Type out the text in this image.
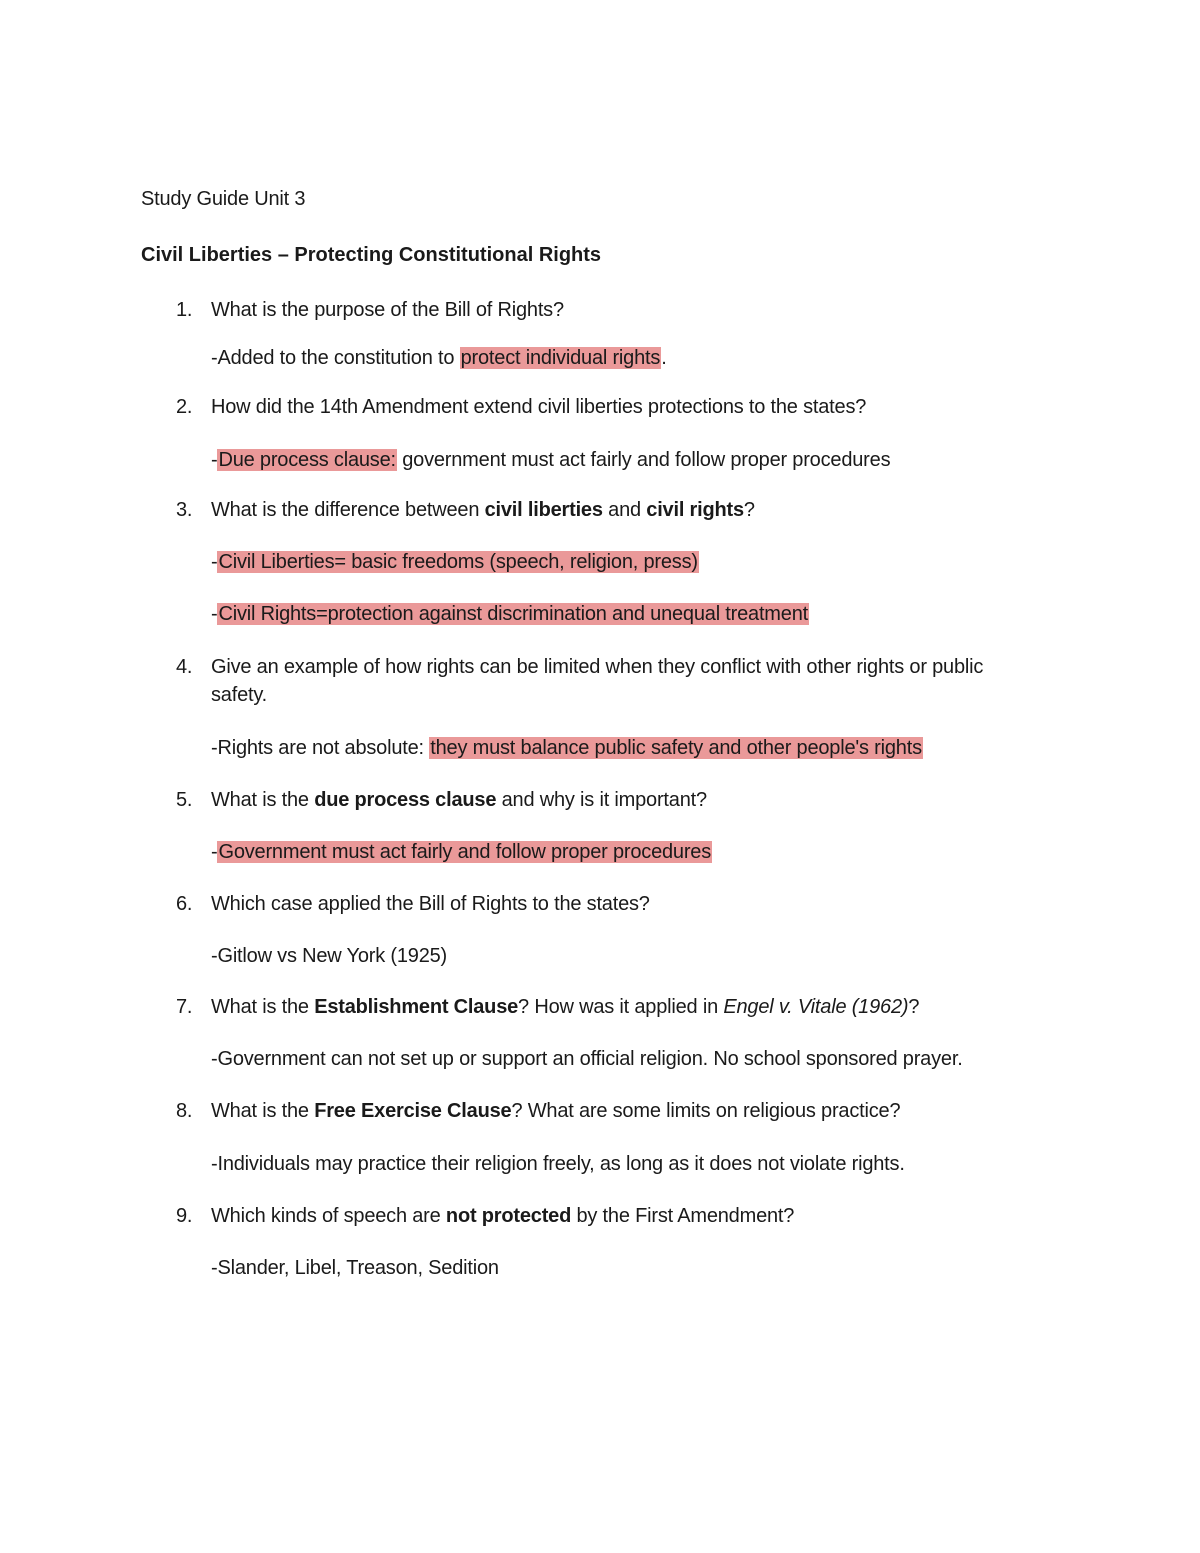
Study Guide Unit 3
Civil Liberties – Protecting Constitutional Rights
1. What is the purpose of the Bill of Rights?
-Added to the constitution to protect individual rights.
2. How did the 14th Amendment extend civil liberties protections to the states?
-Due process clause: government must act fairly and follow proper procedures
3. What is the difference between civil liberties and civil rights?
-Civil Liberties= basic freedoms (speech, religion, press)
-Civil Rights=protection against discrimination and unequal treatment
4. Give an example of how rights can be limited when they conflict with other rights or public safety.
-Rights are not absolute: they must balance public safety and other people's rights
5. What is the due process clause and why is it important?
-Government must act fairly and follow proper procedures
6. Which case applied the Bill of Rights to the states?
-Gitlow vs New York (1925)
7. What is the Establishment Clause? How was it applied in Engel v. Vitale (1962)?
-Government can not set up or support an official religion. No school sponsored prayer.
8. What is the Free Exercise Clause? What are some limits on religious practice?
-Individuals may practice their religion freely, as long as it does not violate rights.
9. Which kinds of speech are not protected by the First Amendment?
-Slander, Libel, Treason, Sedition
